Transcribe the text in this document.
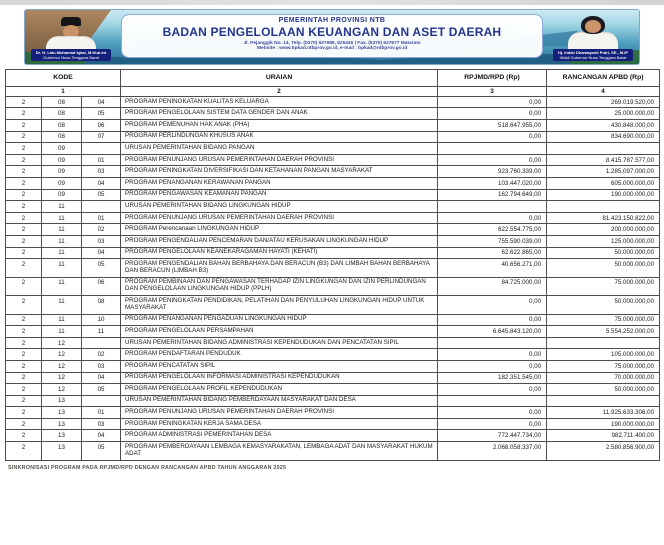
Dr. H. Lalu Muhamad Iqbal, M.Hub.Int
Gubernur Nusa Tenggara Barat
PEMERINTAH PROVINSI NTB
BADAN PENGELOLAAN KEUANGAN DAN ASET DAERAH
Jl. Pejanggik No. 14, Telp. (0370) 627689, 625345 | Fax. (0370) 627677 Mataram
Website : www.bpkad.ntbprov.go.id, e-mail : bpkad@ntbprov.go.id
Hj. Indah Dhamayanti Putri, SE., M.IP
Wakil Gubernur Nusa Tenggara Barat
KODE			URAIAN	RPJMD/RPD (Rp)	RANCANGAN APBD (Rp)
1			2	3	4
2	08	04	PROGRAM PENINGKATAN KUALITAS KELUARGA	0,00	269.019.520,00
2	08	05	PROGRAM PENGELOLAAN SISTEM DATA GENDER DAN ANAK	0,00	25.000.000,00
2	08	06	PROGRAM PEMENUHAN HAK ANAK (PHA)	518.647.955,00	430.848.000,00
2	08	07	PROGRAM PERLINDUNGAN KHUSUS ANAK	0,00	834.690.000,00
2	09		URUSAN PEMERINTAHAN BIDANG PANGAN		
2	09	01	PROGRAM PENUNJANG URUSAN PEMERINTAHAN DAERAH PROVINSI	0,00	8.415.787.577,00
2	09	03	PROGRAM PENINGKATAN DIVERSIFIKASI DAN KETAHANAN PANGAN MASYARAKAT	923.760.339,00	1.285.097.000,00
2	09	04	PROGRAM PENANGANAN KERAWANAN PANGAN	103.447.020,00	605.000.000,00
2	09	05	PROGRAM PENGAWASAN KEAMANAN PANGAN	162.794.649,00	190.000.000,00
2	11		URUSAN PEMERINTAHAN BIDANG LINGKUNGAN HIDUP		
2	11	01	PROGRAM PENUNJANG URUSAN PEMERINTAHAN DAERAH PROVINSI	0,00	81.423.150.822,00
2	11	02	PROGRAM Perencanaan LINGKUNGAN HIDUP	622.554.775,00	200.000.000,00
2	11	03	PROGRAM PENGENDALIAN PENCEMARAN DAN/ATAU KERUSAKAN LINGKUNGAN HIDUP	755.590.039,00	125.000.000,00
2	11	04	PROGRAM PENGELOLAAN KEANEKARAGAMAN HAYATI (KEHATI)	62.622.865,00	50.000.000,00
2	11	05	PROGRAM PENGENDALIAN BAHAN BERBAHAYA DAN BERACUN (B3) DAN LIMBAH BAHAN BERBAHAYA DAN BERACUN (LIMBAH B3)	40.656.271,00	50.000.000,00
2	11	06	PROGRAM PEMBINAAN DAN PENGAWASAN TERHADAP IZIN LINGKUNGAN DAN IZIN PERLINDUNGAN DAN PENGELOLAAN LINGKUNGAN HIDUP (PPLH)	84.725.000,00	75.000.000,00
2	11	08	PROGRAM PENINGKATAN PENDIDIKAN, PELATIHAN DAN PENYULUHAN LINGKUNGAN HIDUP UNTUK MASYARAKAT	0,00	50.000.000,00
2	11	10	PROGRAM PENANGANAN PENGADUAN LINGKUNGAN HIDUP	0,00	75.000.000,00
2	11	11	PROGRAM PENGELOLAAN PERSAMPAHAN	6.645.843.120,00	5.554.252.000,00
2	12		URUSAN PEMERINTAHAN BIDANG ADMINISTRASI KEPENDUDUKAN DAN PENCATATAN SIPIL		
2	12	02	PROGRAM PENDAFTARAN PENDUDUK	0,00	105.000.000,00
2	12	03	PROGRAM PENCATATAN SIPIL	0,00	75.000.000,00
2	12	04	PROGRAM PENGELOLAAN INFORMASI ADMINISTRASI KEPENDUDUKAN	182.351.545,00	70.000.000,00
2	12	05	PROGRAM PENGELOLAAN PROFIL KEPENDUDUKAN	0,00	50.000.000,00
2	13		URUSAN PEMERINTAHAN BIDANG PEMBERDAYAAN MASYARAKAT DAN DESA		
2	13	01	PROGRAM PENUNJANG URUSAN PEMERINTAHAN DAERAH PROVINSI	0,00	11.925.633.306,00
2	13	03	PROGRAM PENINGKATAN KERJA SAMA DESA	0,00	190.000.000,00
2	13	04	PROGRAM ADMINISTRASI PEMERINTAHAN DESA	772.447.734,00	982.711.400,00
2	13	05	PROGRAM PEMBERDAYAAN LEMBAGA KEMASYARAKATAN, LEMBAGA ADAT DAN MASYARAKAT HUKUM ADAT	2.068.058.337,00	2.580.856.900,00
SINKRONISASI PROGRAM PADA RPJMD/RPD DENGAN RANCANGAN APBD TAHUN ANGGARAN 2025
